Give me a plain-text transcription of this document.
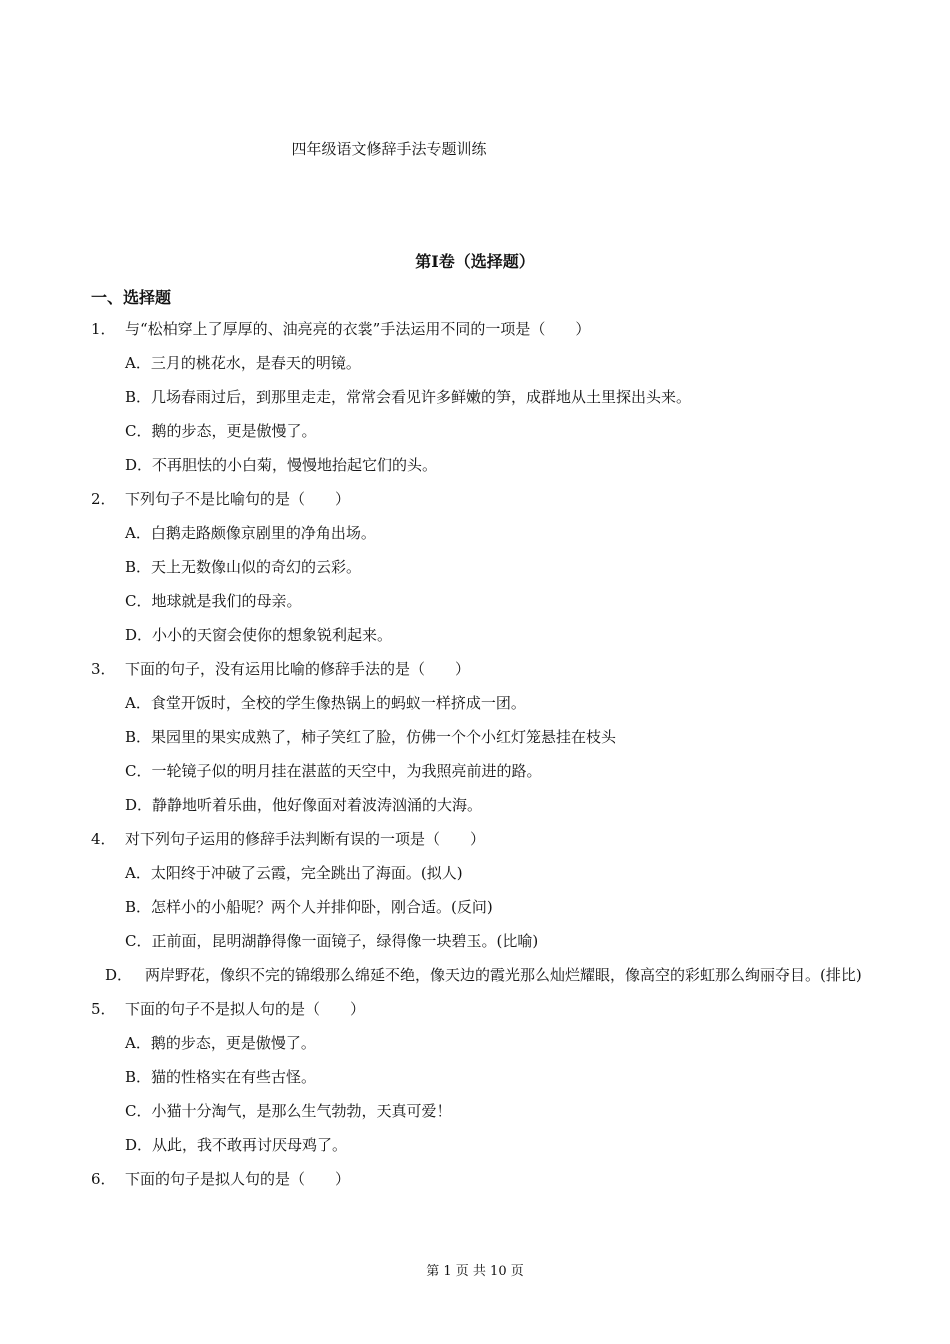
四年级语文修辞手法专题训练
第Ⅰ卷（选择题）
一、选择题
1． 与“松柏穿上了厚厚的、油亮亮的衣裳”手法运用不同的一项是（　　）
A．三月的桃花水，是春天的明镜。
B．几场春雨过后，到那里走走，常常会看见许多鲜嫩的笋，成群地从土里探出头来。
C．鹅的步态，更是傲慢了。
D．不再胆怯的小白菊，慢慢地抬起它们的头。
2． 下列句子不是比喻句的是（　　）
A．白鹅走路颇像京剧里的净角出场。
B．天上无数像山似的奇幻的云彩。
C．地球就是我们的母亲。
D．小小的天窗会使你的想象锐利起来。
3． 下面的句子，没有运用比喻的修辞手法的是（　　）
A．食堂开饭时，全校的学生像热锅上的蚂蚁一样挤成一团。
B．果园里的果实成熟了，柿子笑红了脸，仿佛一个个小红灯笼悬挂在枝头
C．一轮镜子似的明月挂在湛蓝的天空中，为我照亮前进的路。
D．静静地听着乐曲，他好像面对着波涛汹涌的大海。
4． 对下列句子运用的修辞手法判断有误的一项是（　　）
A．太阳终于冲破了云霞，完全跳出了海面。(拟人)
B．怎样小的小船呢？两个人并排仰卧，刚合适。(反问)
C．正前面，昆明湖静得像一面镜子，绿得像一块碧玉。(比喻)
D． 两岸野花，像织不完的锦缎那么绵延不绝，像天边的霞光那么灿烂耀眼，像高空的彩虹那么绚丽夺目。(排比)
5． 下面的句子不是拟人句的是（　　）
A．鹅的步态，更是傲慢了。
B．猫的性格实在有些古怪。
C．小猫十分淘气，是那么生气勃勃，天真可爱！
D．从此，我不敢再讨厌母鸡了。
6． 下面的句子是拟人句的是（　　）
第 1 页 共 10 页
